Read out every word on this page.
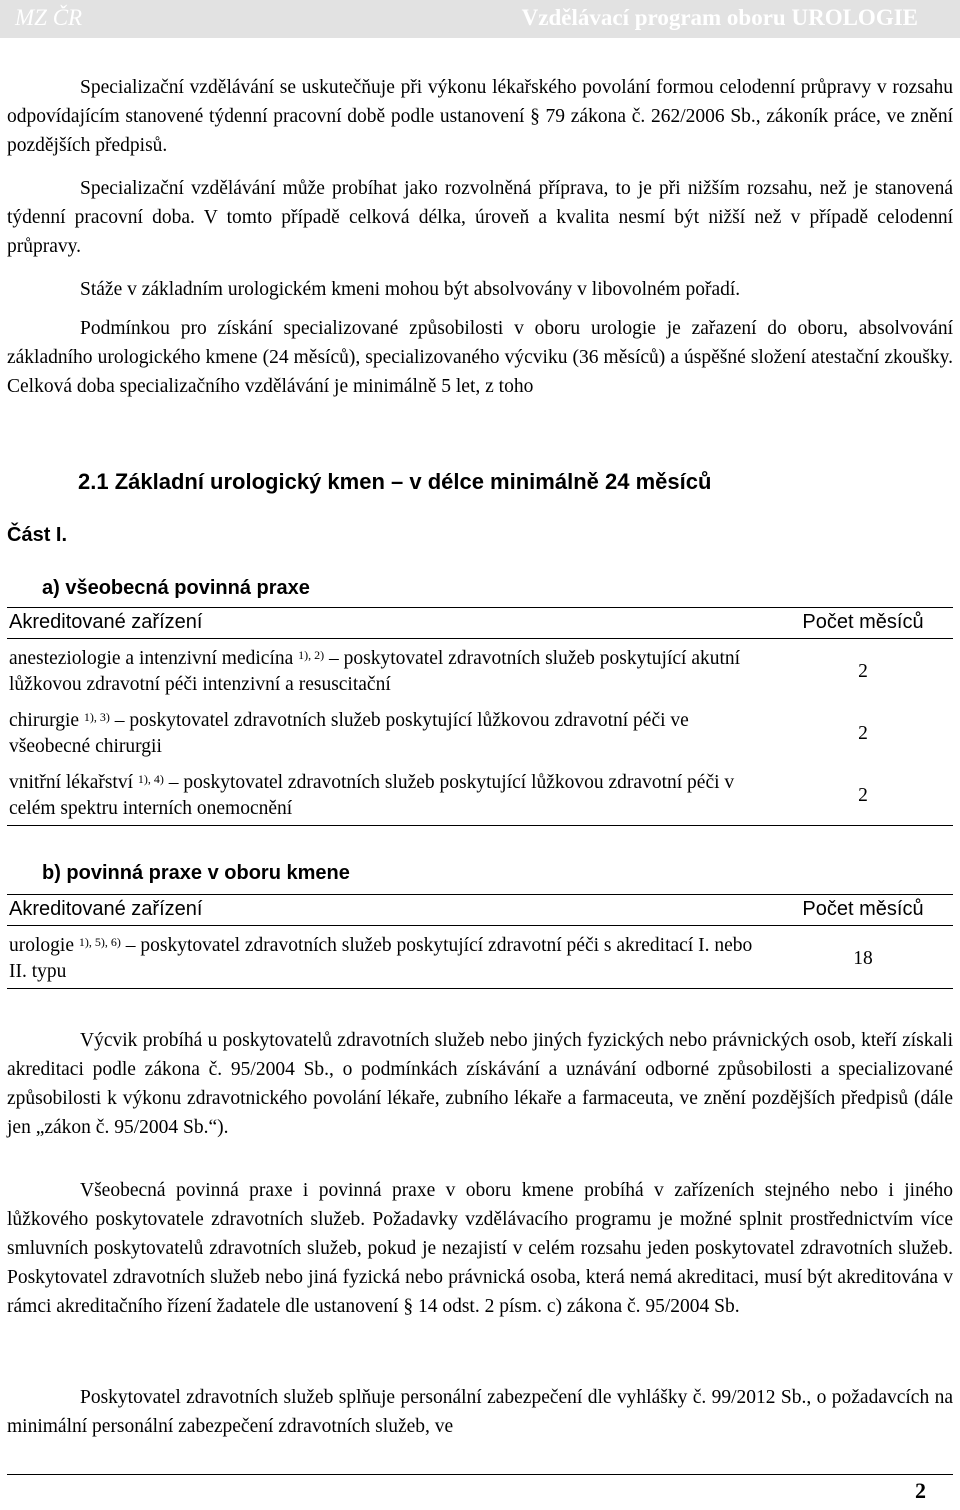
MZ ČR	Vzdělávací program oboru UROLOGIE

Specializační vzdělávání se uskutečňuje při výkonu lékařského povolání formou celodenní průpravy v rozsahu odpovídajícím stanovené týdenní pracovní době podle ustanovení § 79 zákona č. 262/2006 Sb., zákoník práce, ve znění pozdějších předpisů.

Specializační vzdělávání může probíhat jako rozvolněná příprava, to je při nižším rozsahu, než je stanovená týdenní pracovní doba. V tomto případě celková délka, úroveň a kvalita nesmí být nižší než v případě celodenní průpravy.

Stáže v základním urologickém kmeni mohou být absolvovány v libovolném pořadí.

Podmínkou pro získání specializované způsobilosti v oboru urologie je zařazení do oboru, absolvování základního urologického kmene (24 měsíců), specializovaného výcviku (36 měsíců) a úspěšné složení atestační zkoušky. Celková doba specializačního vzdělávání je minimálně 5 let, z toho

2.1 Základní urologický kmen – v délce minimálně 24 měsíců
Část I.
a) všeobecná povinná praxe
Akreditované zařízení	Počet měsíců
anesteziologie a intenzivní medicína $^{1), 2)}$ – poskytovatel zdravotních služeb poskytující akutní lůžkovou zdravotní péči intenzivní a resuscitační	2
chirurgie $^{1), 3)}$ – poskytovatel zdravotních služeb poskytující lůžkovou zdravotní péči ve všeobecné chirurgii	2
vnitřní lékařství $^{1), 4)}$ – poskytovatel zdravotních služeb poskytující lůžkovou zdravotní péči v celém spektru interních onemocnění	2
b) povinná praxe v oboru kmene
Akreditované zařízení	Počet měsíců
urologie $^{1), 5), 6)}$ – poskytovatel zdravotních služeb poskytující zdravotní péči s akreditací I. nebo II. typu	18

Výcvik probíhá u poskytovatelů zdravotních služeb nebo jiných fyzických nebo právnických osob, kteří získali akreditaci podle zákona č. 95/2004 Sb., o podmínkách získávání a uznávání odborné způsobilosti a specializované způsobilosti k výkonu zdravotnického povolání lékaře, zubního lékaře a farmaceuta, ve znění pozdějších předpisů (dále jen „zákon č. 95/2004 Sb.“).

Všeobecná povinná praxe i povinná praxe v oboru kmene probíhá v zařízeních stejného nebo i jiného lůžkového poskytovatele zdravotních služeb. Požadavky vzdělávacího programu je možné splnit prostřednictvím více smluvních poskytovatelů zdravotních služeb, pokud je nezajistí v celém rozsahu jeden poskytovatel zdravotních služeb. Poskytovatel zdravotních služeb nebo jiná fyzická nebo právnická osoba, která nemá akreditaci, musí být akreditována v rámci akreditačního řízení žadatele dle ustanovení § 14 odst. 2 písm. c) zákona č. 95/2004 Sb.

Poskytovatel zdravotních služeb splňuje personální zabezpečení dle vyhlášky č. 99/2012 Sb., o požadavcích na minimální personální zabezpečení zdravotních služeb, ve

2
